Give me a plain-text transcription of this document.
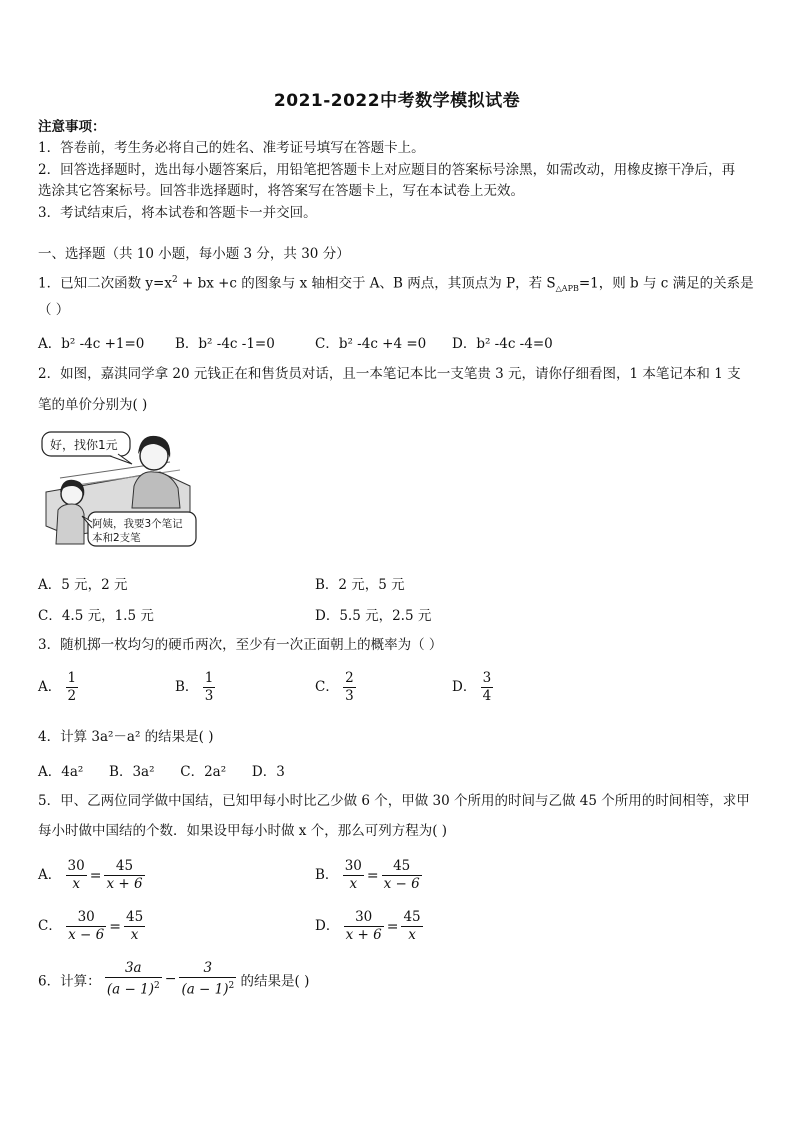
2021-2022中考数学模拟试卷
注意事项：
1．答卷前，考生务必将自己的姓名、准考证号填写在答题卡上。
2．回答选择题时，选出每小题答案后，用铅笔把答题卡上对应题目的答案标号涂黑，如需改动，用橡皮擦干净后，再
选涂其它答案标号。回答非选择题时，将答案写在答题卡上，写在本试卷上无效。
3．考试结束后，将本试卷和答题卡一并交回。
一、选择题（共 10 小题，每小题 3 分，共 30 分）
1．已知二次函数 $y=x^2$ + bx +c 的图象与 x 轴相交于 A、B 两点，其顶点为 P，若 $S_{\triangle APB}=1$，则 b 与 c 满足的关系是
（ ）
A．b² -4c +1=0 B．b² -4c -1=0	C．b² -4c +4 =0 D．b² -4c -4=0
2．如图，嘉淇同学拿 20 元钱正在和售货员对话，且一本笔记本比一支笔贵 3 元，请你仔细看图，1 本笔记本和 1 支
笔的单价分别为( )
好，找你1元
阿姨，我要3个笔记
本和2支笔
A．5 元，2 元	B．2 元，5 元
C．4.5 元，1.5 元	D．5.5 元，2.5 元
3．随机掷一枚均匀的硬币两次，至少有一次正面朝上的概率为（ ）
A． $\frac{1}{2}$	B． $\frac{1}{3}$	C． $\frac{2}{3}$	D． $\frac{3}{4}$
4．计算 3a²－a² 的结果是( )
A．4a²      B．3a²      C．2a²      D．3
5．甲、乙两位同学做中国结，已知甲每小时比乙少做 6 个，甲做 30 个所用的时间与乙做 45 个所用的时间相等，求甲
每小时做中国结的个数．如果设甲每小时做 x 个，那么可列方程为( )
A． $\frac{30}{x} = \frac{45}{x + 6}$	B． $\frac{30}{x} = \frac{45}{x - 6}$
C． $\frac{30}{x - 6} = \frac{45}{x}$	D． $\frac{30}{x + 6} = \frac{45}{x}$
6．计算： $\frac{3a}{(a - 1)^2} - \frac{3}{(a - 1)^2}$ 的结果是( )
